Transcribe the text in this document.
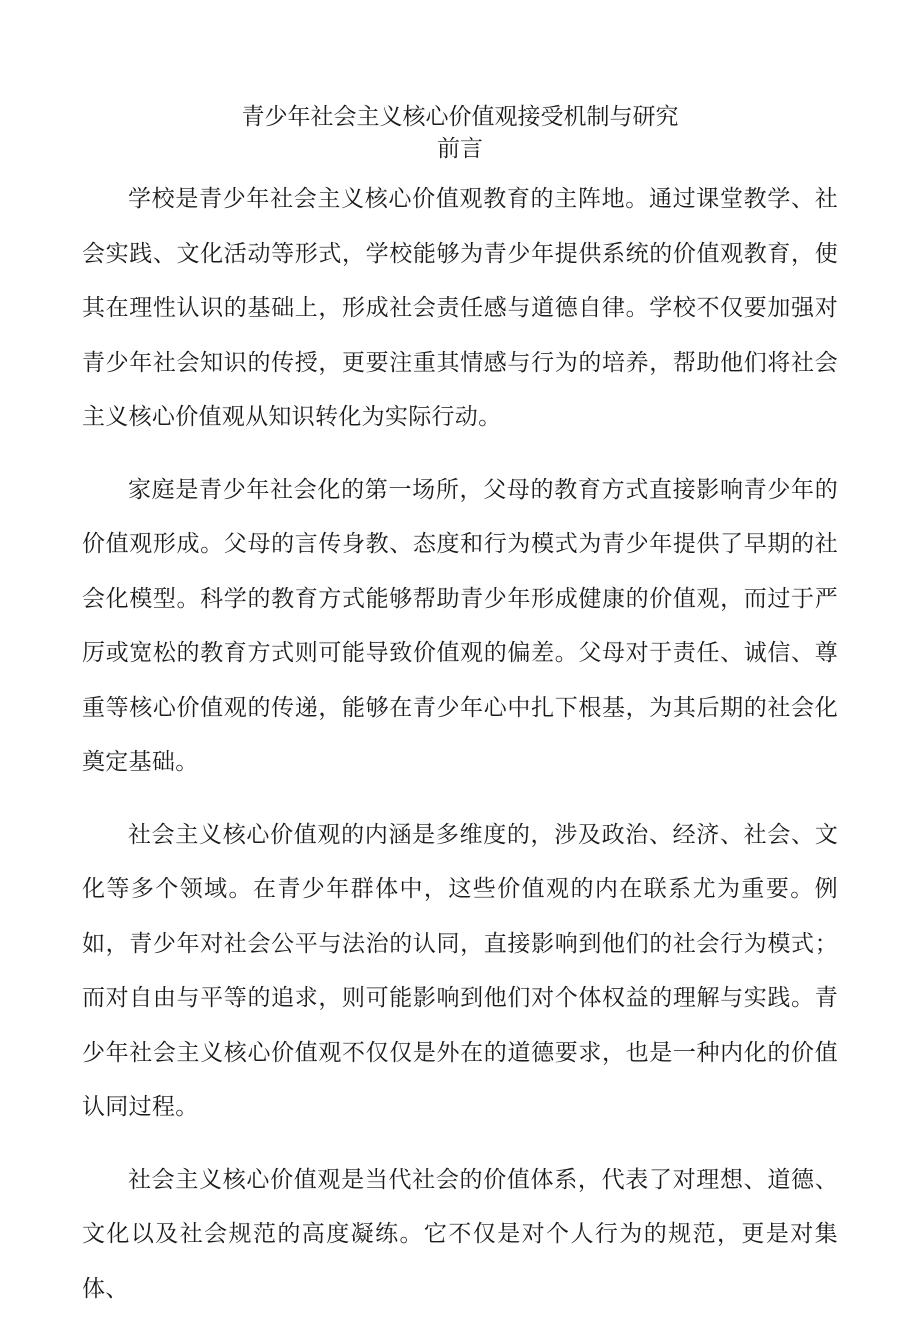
青少年社会主义核心价值观接受机制与研究
前言

学校是青少年社会主义核心价值观教育的主阵地。通过课堂教学、社会实践、文化活动等形式，学校能够为青少年提供系统的价值观教育，使其在理性认识的基础上，形成社会责任感与道德自律。学校不仅要加强对青少年社会知识的传授，更要注重其情感与行为的培养，帮助他们将社会主义核心价值观从知识转化为实际行动。

家庭是青少年社会化的第一场所，父母的教育方式直接影响青少年的价值观形成。父母的言传身教、态度和行为模式为青少年提供了早期的社会化模型。科学的教育方式能够帮助青少年形成健康的价值观，而过于严厉或宽松的教育方式则可能导致价值观的偏差。父母对于责任、诚信、尊重等核心价值观的传递，能够在青少年心中扎下根基，为其后期的社会化奠定基础。

社会主义核心价值观的内涵是多维度的，涉及政治、经济、社会、文化等多个领域。在青少年群体中，这些价值观的内在联系尤为重要。例如，青少年对社会公平与法治的认同，直接影响到他们的社会行为模式；而对自由与平等的追求，则可能影响到他们对个体权益的理解与实践。青少年社会主义核心价值观不仅仅是外在的道德要求，也是一种内化的价值认同过程。

社会主义核心价值观是当代社会的价值体系，代表了对理想、道德、文化以及社会规范的高度凝练。它不仅是对个人行为的规范，更是对集体、
